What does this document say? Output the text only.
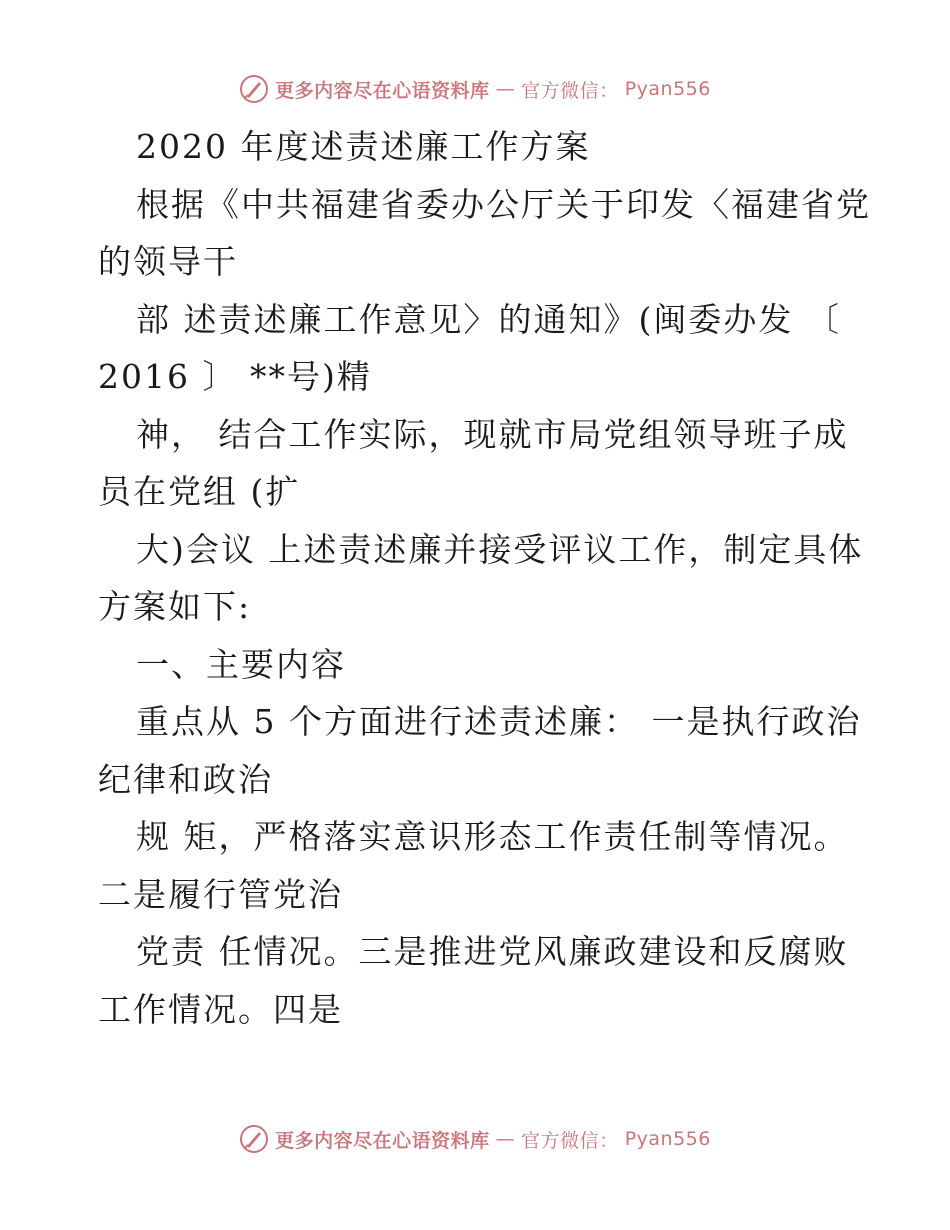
更多内容尽在心语资料库 — 官方微信： Pyan556
2020 年度述责述廉工作方案
根据《中共福建省委办公厅关于印发〈福建省党
的领导干
部 述责述廉工作意见〉的通知》(闽委办发 〔
2016 〕 **号)精
神， 结合工作实际，现就市局党组领导班子成
员在党组 (扩
大)会议 上述责述廉并接受评议工作，制定具体
方案如下:
一、主要内容
重点从 5 个方面进行述责述廉： 一是执行政治
纪律和政治
规 矩，严格落实意识形态工作责任制等情况。
二是履行管党治
党责 任情况。三是推进党风廉政建设和反腐败
工作情况。四是
更多内容尽在心语资料库 — 官方微信： Pyan556
